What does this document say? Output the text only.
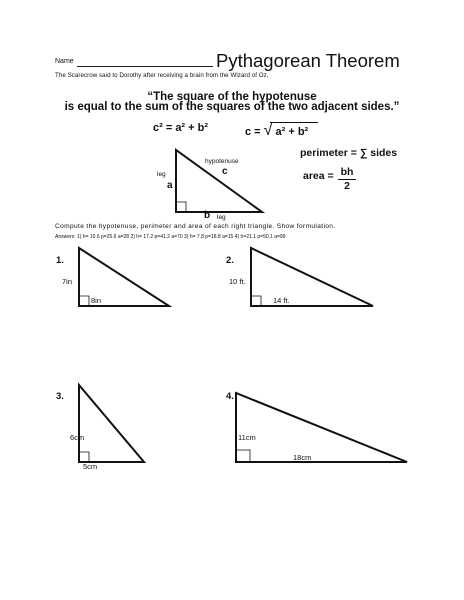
Name	Pythagorean Theorem
The Scarecrow said to Dorothy after receiving a brain from the Wizard of Oz,
“The square of the hypotenuse
is equal to the sum of the squares of the two adjacent sides.”
c² = a² + b²	c = √ a² + b²
perimeter = ∑ sides
area = $\frac{bh}{2}$
hypotenuse
c
leg
a
b leg
Compute the hypotenuse, perimeter and area of each right triangle. Show formulation.
Answers: 1) h= 10.6 p=25.6 a=28 2) h= 17.2 p=41.2 a=70 3) h= 7.8 p=18.8 a=15 4) h=21.1 p=50.1 a=99
1.
7in
8in
2.
10 ft.
14 ft.
3.
6cm
5cm
4.
11cm
18cm
